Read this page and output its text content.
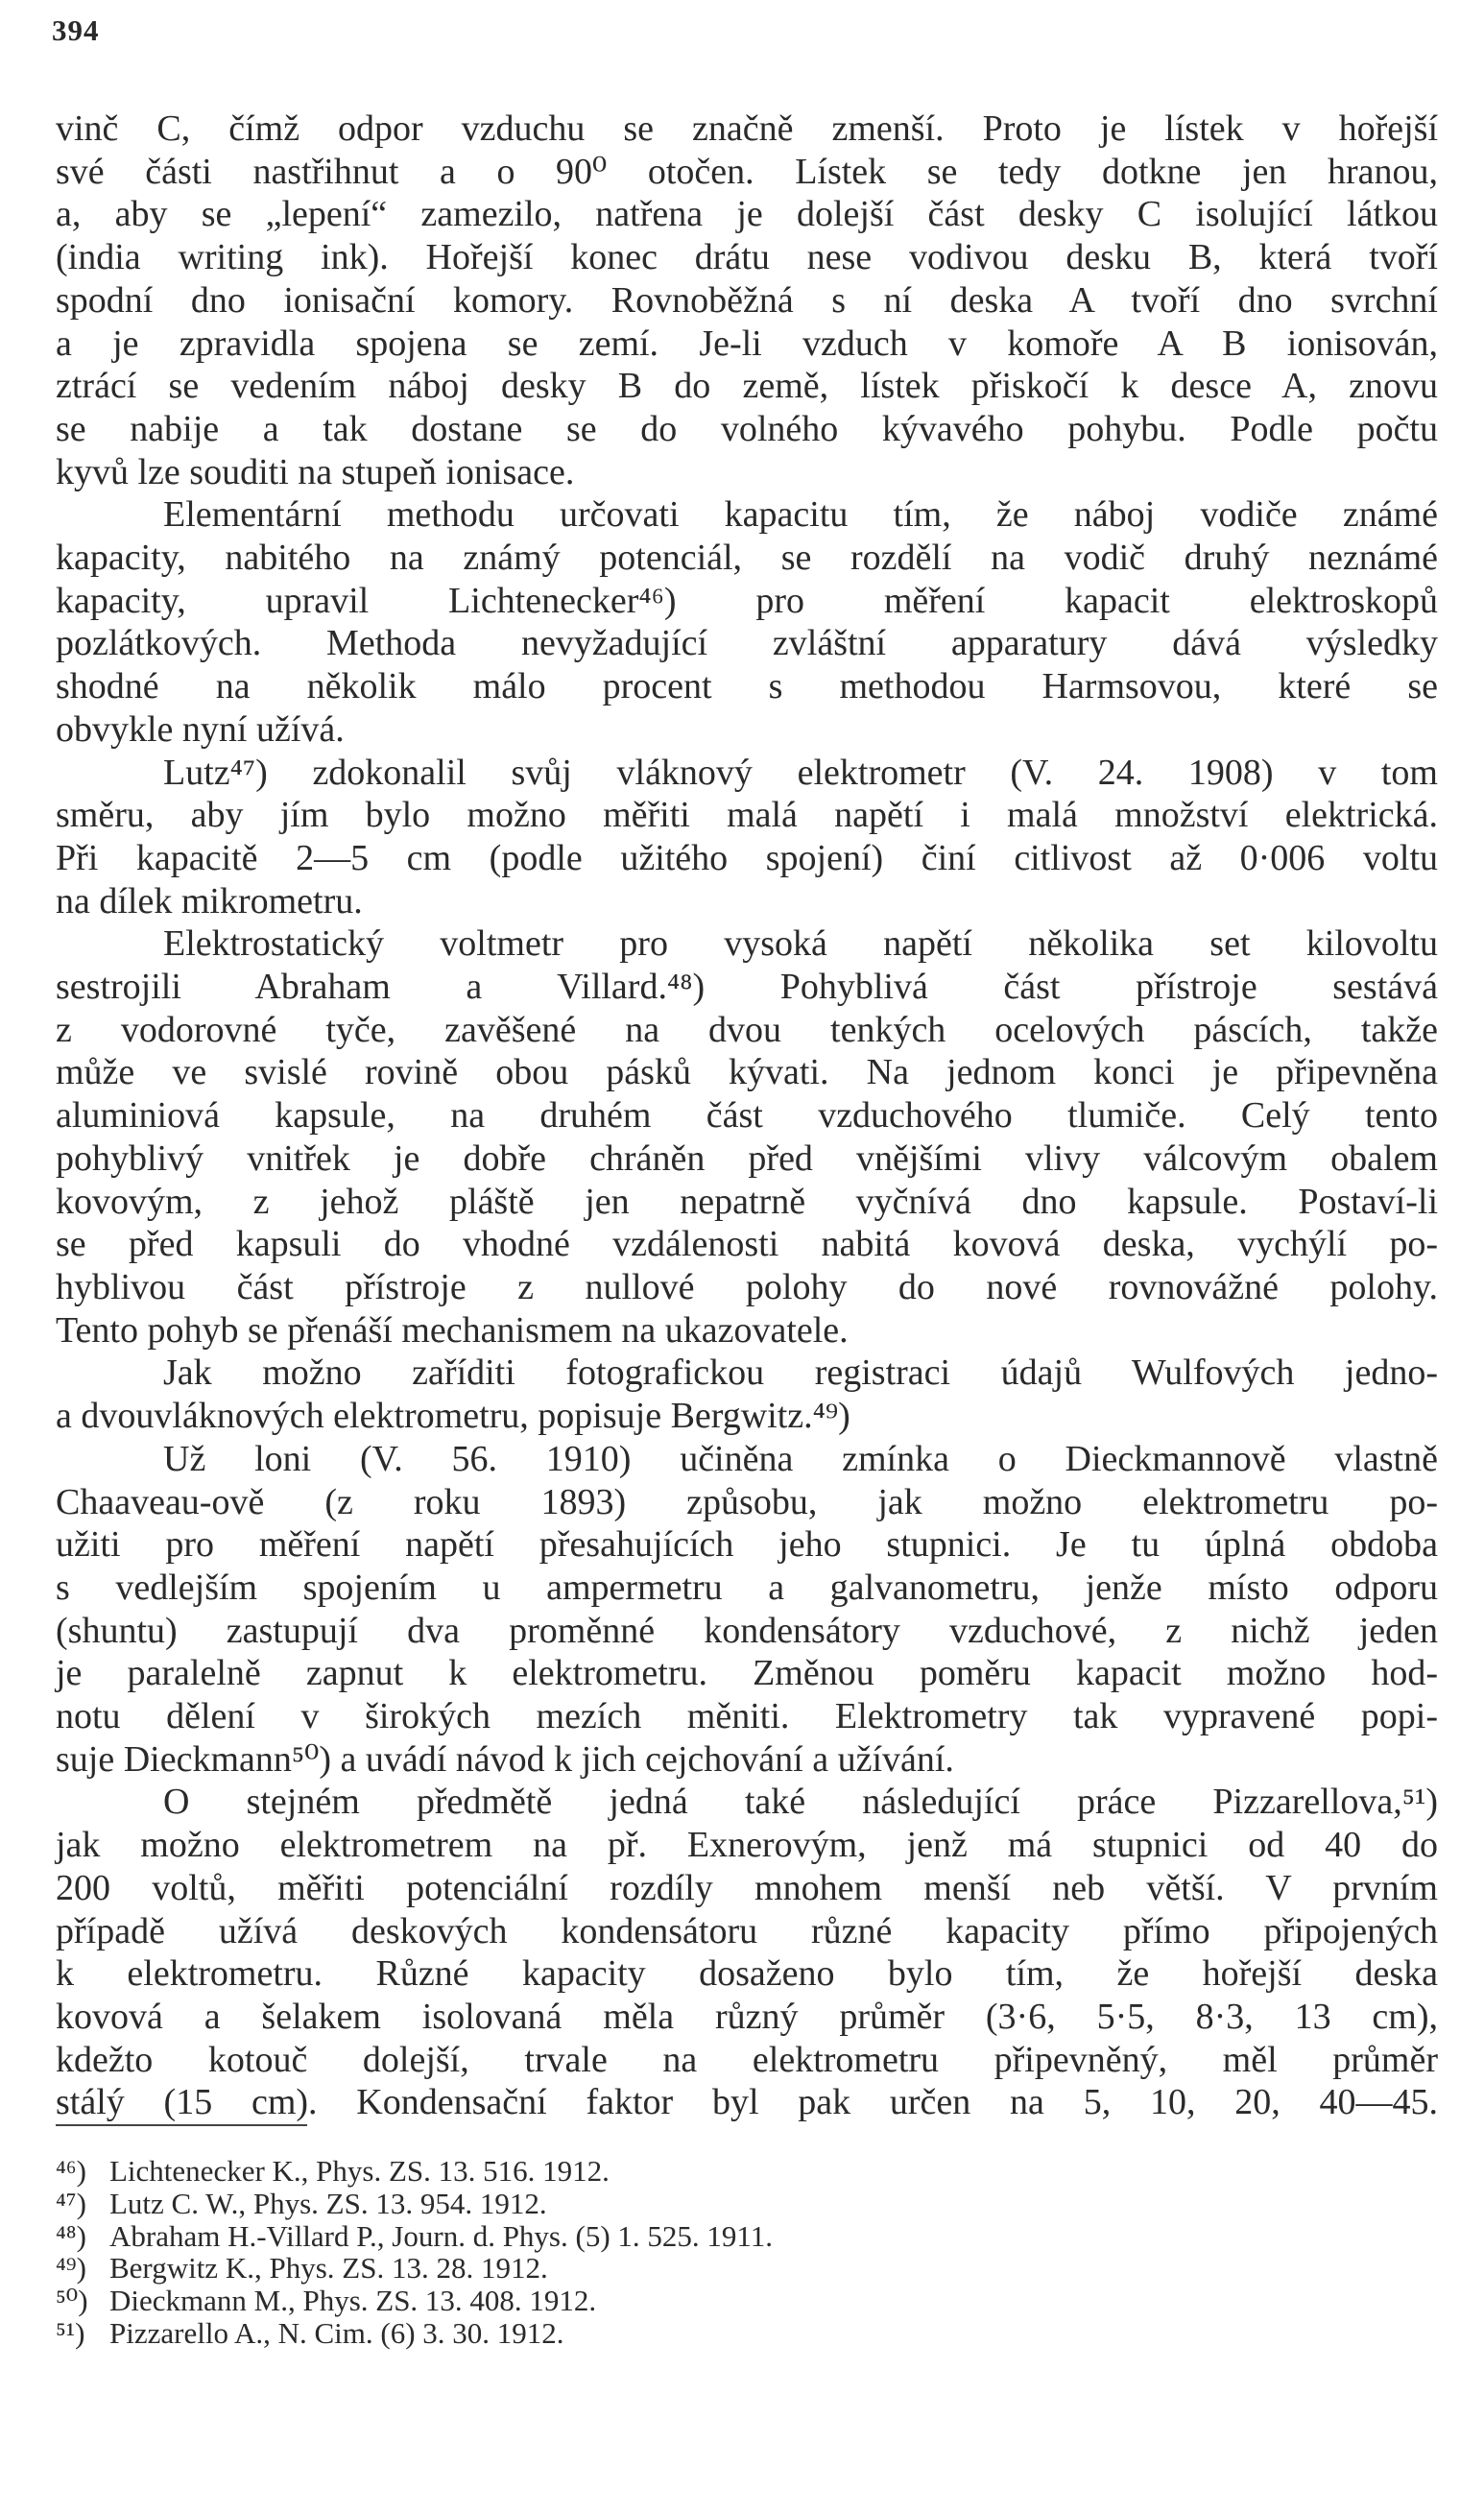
394
vinč C, čímž odpor vzduchu se značně zmenší. Proto je lístek v hořejší
své části nastřihnut a o 90⁰ otočen. Lístek se tedy dotkne jen hranou,
a, aby se „lepení“ zamezilo, natřena je dolejší část desky C isolující látkou
(india writing ink). Hořejší konec drátu nese vodivou desku B, která tvoří
spodní dno ionisační komory. Rovnoběžná s ní deska A tvoří dno svrchní
a je zpravidla spojena se zemí. Je-li vzduch v komoře A B ionisován,
ztrácí se vedením náboj desky B do země, lístek přiskočí k desce A, znovu
se nabije a tak dostane se do volného kývavého pohybu. Podle počtu
kyvů lze souditi na stupeň ionisace.
Elementární methodu určovati kapacitu tím, že náboj vodiče známé
kapacity, nabitého na známý potenciál, se rozdělí na vodič druhý neznámé
kapacity, upravil Lichtenecker⁴⁶) pro měření kapacit elektroskopů
pozlátkových. Methoda nevyžadující zvláštní apparatury dává výsledky
shodné na několik málo procent s methodou Harmsovou, které se
obvykle nyní užívá.
Lutz⁴⁷) zdokonalil svůj vláknový elektrometr (V. 24. 1908) v tom
směru, aby jím bylo možno měřiti malá napětí i malá množství elektrická.
Při kapacitě 2—5 cm (podle užitého spojení) činí citlivost až 0·006 voltu
na dílek mikrometru.
Elektrostatický voltmetr pro vysoká napětí několika set kilovoltu
sestrojili Abraham a Villard.⁴⁸) Pohyblivá část přístroje sestává
z vodorovné tyče, zavěšené na dvou tenkých ocelových páscích, takže
může ve svislé rovině obou pásků kývati. Na jednom konci je připevněna
aluminiová kapsule, na druhém část vzduchového tlumiče. Celý tento
pohyblivý vnitřek je dobře chráněn před vnějšími vlivy válcovým obalem
kovovým, z jehož pláště jen nepatrně vyčnívá dno kapsule. Postaví-li
se před kapsuli do vhodné vzdálenosti nabitá kovová deska, vychýlí po-
hyblivou část přístroje z nullové polohy do nové rovnovážné polohy.
Tento pohyb se přenáší mechanismem na ukazovatele.
Jak možno zaříditi fotografickou registraci údajů Wulfových jedno-
a dvouvláknových elektrometru, popisuje Bergwitz.⁴⁹)
Už loni (V. 56. 1910) učiněna zmínka o Dieckmannově vlastně
Chaaveau-ově (z roku 1893) způsobu, jak možno elektrometru po-
užiti pro měření napětí přesahujících jeho stupnici. Je tu úplná obdoba
s vedlejším spojením u ampermetru a galvanometru, jenže místo odporu
(shuntu) zastupují dva proměnné kondensátory vzduchové, z nichž jeden
je paralelně zapnut k elektrometru. Změnou poměru kapacit možno hod-
notu dělení v širokých mezích měniti. Elektrometry tak vypravené popi-
suje Dieckmann⁵⁰) a uvádí návod k jich cejchování a užívání.
O stejném předmětě jedná také následující práce Pizzarellova,⁵¹)
jak možno elektrometrem na př. Exnerovým, jenž má stupnici od 40 do
200 voltů, měřiti potenciální rozdíly mnohem menší neb větší. V prvním
případě užívá deskových kondensátoru různé kapacity přímo připojených
k elektrometru. Různé kapacity dosaženo bylo tím, že hořejší deska
kovová a šelakem isolovaná měla různý průměr (3·6, 5·5, 8·3, 13 cm),
kdežto kotouč dolejší, trvale na elektrometru připevněný, měl průměr
stálý (15 cm). Kondensační faktor byl pak určen na 5, 10, 20, 40—45.
⁴⁶) Lichtenecker K., Phys. ZS. 13. 516. 1912.
⁴⁷) Lutz C. W., Phys. ZS. 13. 954. 1912.
⁴⁸) Abraham H.-Villard P., Journ. d. Phys. (5) 1. 525. 1911.
⁴⁹) Bergwitz K., Phys. ZS. 13. 28. 1912.
⁵⁰) Dieckmann M., Phys. ZS. 13. 408. 1912.
⁵¹) Pizzarello A., N. Cim. (6) 3. 30. 1912.
